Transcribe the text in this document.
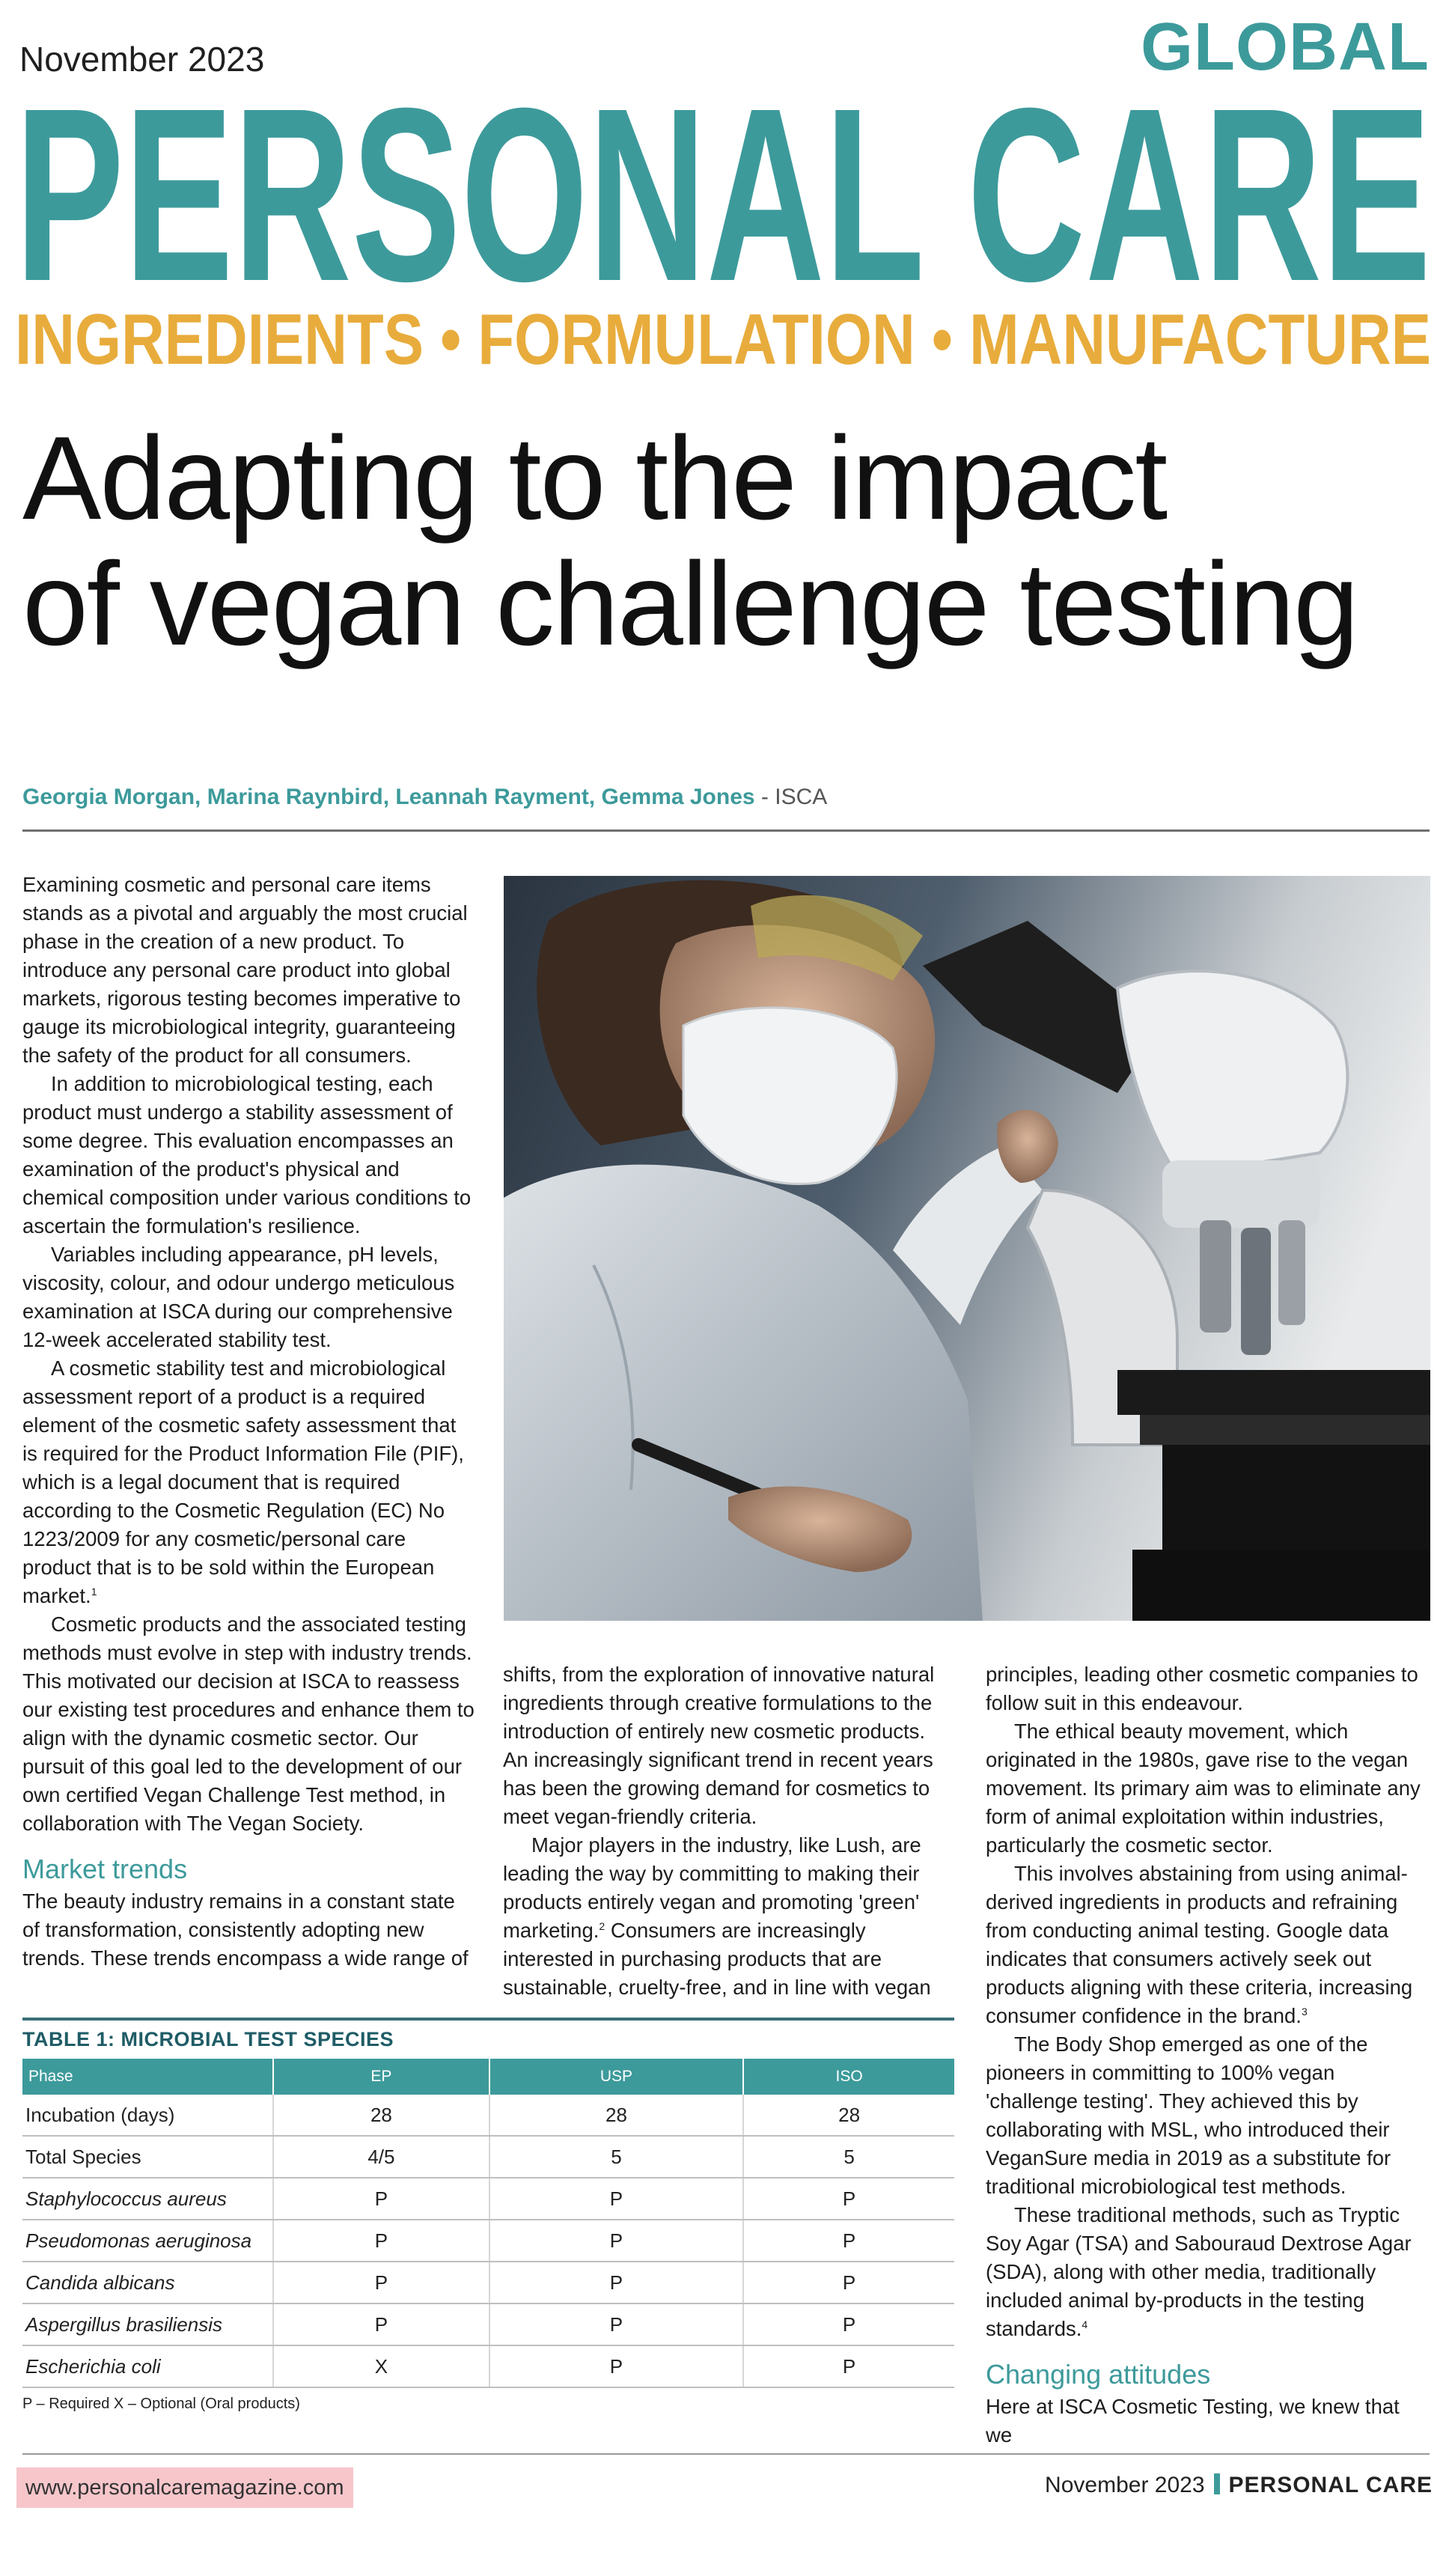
November 2023	GLOBAL
PERSONAL CARE
INGREDIENTS • FORMULATION • MANUFACTURE
Adapting to the impact
of vegan challenge testing
Georgia Morgan, Marina Raynbird, Leannah Rayment, Gemma Jones - ISCA

Examining cosmetic and personal care items stands as a pivotal and arguably the most crucial phase in the creation of a new product. To introduce any personal care product into global markets, rigorous testing becomes imperative to gauge its microbiological integrity, guaranteeing the safety of the product for all consumers.

In addition to microbiological testing, each product must undergo a stability assessment of some degree. This evaluation encompasses an examination of the product's physical and chemical composition under various conditions to ascertain the formulation's resilience.

Variables including appearance, pH levels, viscosity, colour, and odour undergo meticulous examination at ISCA during our comprehensive 12-week accelerated stability test.

A cosmetic stability test and microbiological assessment report of a product is a required element of the cosmetic safety assessment that is required for the Product Information File (PIF), which is a legal document that is required according to the Cosmetic Regulation (EC) No 1223/2009 for any cosmetic/personal care product that is to be sold within the European market.$^1$

Cosmetic products and the associated testing methods must evolve in step with industry trends. This motivated our decision at ISCA to reassess our existing test procedures and enhance them to align with the dynamic cosmetic sector. Our pursuit of this goal led to the development of our own certified Vegan Challenge Test method, in collaboration with The Vegan Society.

Market trends

The beauty industry remains in a constant state of transformation, consistently adopting new trends. These trends encompass a wide range of

shifts, from the exploration of innovative natural ingredients through creative formulations to the introduction of entirely new cosmetic products. An increasingly significant trend in recent years has been the growing demand for cosmetics to meet vegan-friendly criteria.

Major players in the industry, like Lush, are leading the way by committing to making their products entirely vegan and promoting 'green' marketing.$^2$ Consumers are increasingly interested in purchasing products that are sustainable, cruelty-free, and in line with vegan

principles, leading other cosmetic companies to follow suit in this endeavour.

The ethical beauty movement, which originated in the 1980s, gave rise to the vegan movement. Its primary aim was to eliminate any form of animal exploitation within industries, particularly the cosmetic sector.

This involves abstaining from using animal-derived ingredients in products and refraining from conducting animal testing. Google data indicates that consumers actively seek out products aligning with these criteria, increasing consumer confidence in the brand.$^3$

The Body Shop emerged as one of the pioneers in committing to 100% vegan 'challenge testing'. They achieved this by collaborating with MSL, who introduced their VeganSure media in 2019 as a substitute for traditional microbiological test methods.

These traditional methods, such as Tryptic Soy Agar (TSA) and Sabouraud Dextrose Agar (SDA), along with other media, traditionally included animal by-products in the testing standards.$^4$

Changing attitudes

Here at ISCA Cosmetic Testing, we knew that we

TABLE 1: MICROBIAL TEST SPECIES
Phase	EP	USP	ISO
Incubation (days)	28	28	28
Total Species	4/5	5	5
Staphylococcus aureus	P	P	P
Pseudomonas aeruginosa	P	P	P
Candida albicans	P	P	P
Aspergillus brasiliensis	P	P	P
Escherichia coli	X	P	P
P – Required X – Optional (Oral products)
www.personalcaremagazine.com	November 2023 PERSONAL CARE
